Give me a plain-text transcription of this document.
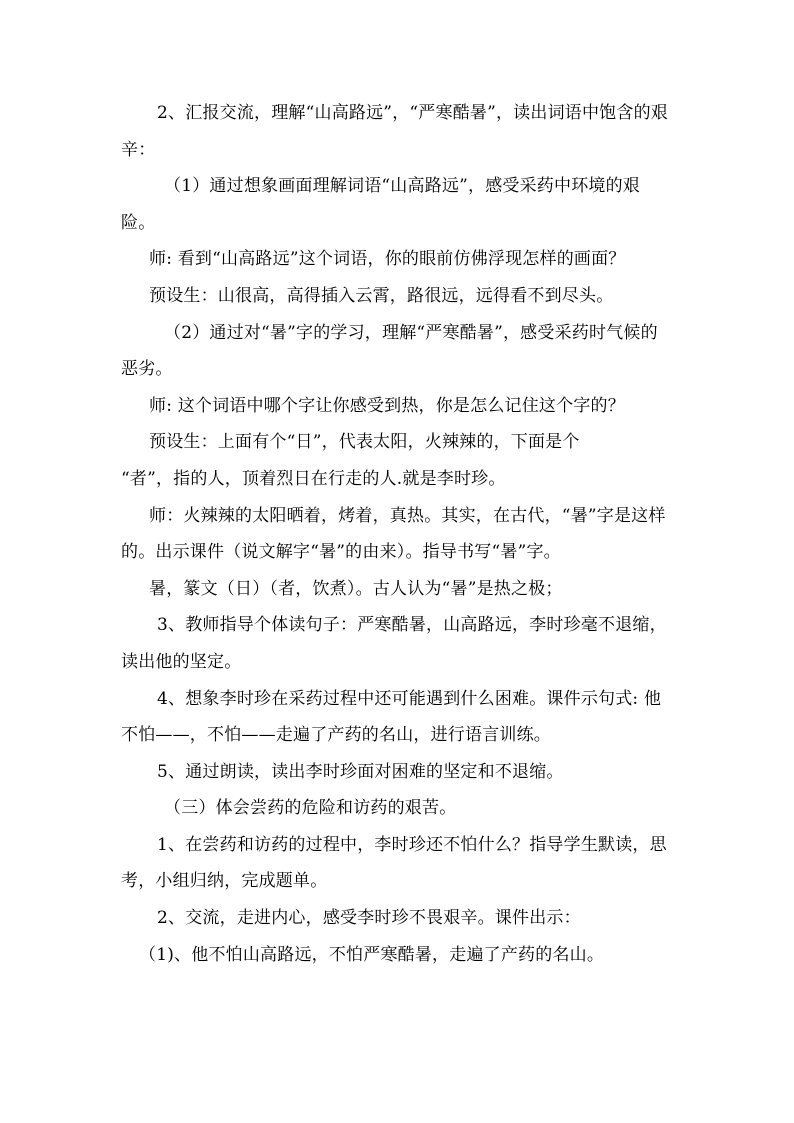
2、汇报交流，理解“山高路远”，“严寒酷暑”，读出词语中饱含的艰辛：

（1）通过想象画面理解词语“山高路远”，感受采药中环境的艰险。

师: 看到“山高路远”这个词语，你的眼前仿佛浮现怎样的画面？

预设生：山很高，高得插入云霄，路很远，远得看不到尽头。

（2）通过对“暑”字的学习，理解“严寒酷暑”，感受采药时气候的恶劣。

师: 这个词语中哪个字让你感受到热，你是怎么记住这个字的？

预设生：上面有个“日”，代表太阳，火辣辣的，下面是个

“者”，指的人，顶着烈日在行走的人.就是李时珍。

师：火辣辣的太阳晒着，烤着，真热。其实，在古代，“暑”字是这样的。出示课件（说文解字“暑”的由来）。指导书写“暑”字。

暑，篆文（日）（者，饮煮）。古人认为“暑”是热之极；

3、教师指导个体读句子：严寒酷暑，山高路远，李时珍毫不退缩，读出他的坚定。

4、想象李时珍在采药过程中还可能遇到什么困难。课件示句式: 他不怕——，不怕——走遍了产药的名山，进行语言训练。

5、通过朗读，读出李时珍面对困难的坚定和不退缩。

（三）体会尝药的危险和访药的艰苦。

1、在尝药和访药的过程中，李时珍还不怕什么？指导学生默读，思考，小组归纳，完成题单。

2、交流，走进内心，感受李时珍不畏艰辛。课件出示：

（1)、他不怕山高路远，不怕严寒酷暑，走遍了产药的名山。
